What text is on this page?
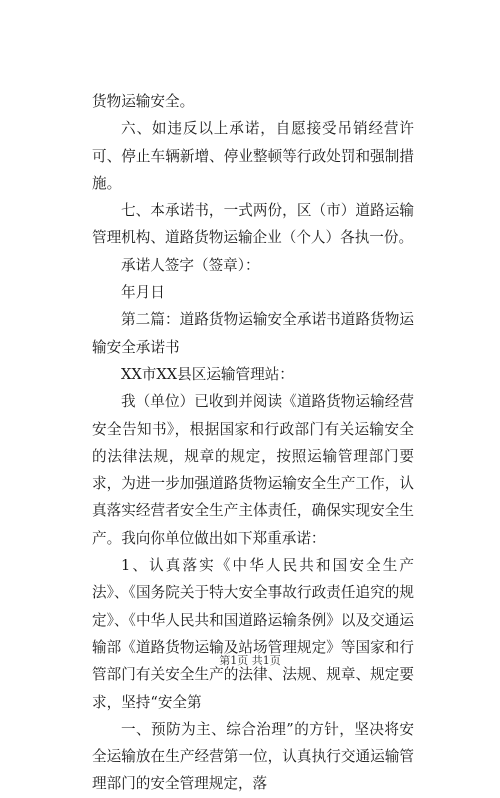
货物运输安全。

六、如违反以上承诺，自愿接受吊销经营许可、停止车辆新增、停业整顿等行政处罚和强制措施。

七、本承诺书，一式两份，区（市）道路运输管理机构、道路货物运输企业（个人）各执一份。

承诺人签字（签章）：

年月日

第二篇：道路货物运输安全承诺书道路货物运输安全承诺书

XX市XX县区运输管理站：

我（单位）已收到并阅读《道路货物运输经营安全告知书》，根据国家和行政部门有关运输安全的法律法规，规章的规定，按照运输管理部门要求，为进一步加强道路货物运输安全生产工作，认真落实经营者安全生产主体责任，确保实现安全生产。我向你单位做出如下郑重承诺：

1、认真落实《中华人民共和国安全生产法》、《国务院关于特大安全事故行政责任追究的规定》、《中华人民共和国道路运输条例》以及交通运输部《道路货物运输及站场管理规定》等国家和行管部门有关安全生产的法律、法规、规章、规定要求，坚持“安全第

一、预防为主、综合治理”的方针，坚决将安全运输放在生产经营第一位，认真执行交通运输管理部门的安全管理规定，落

第1页 共1页
